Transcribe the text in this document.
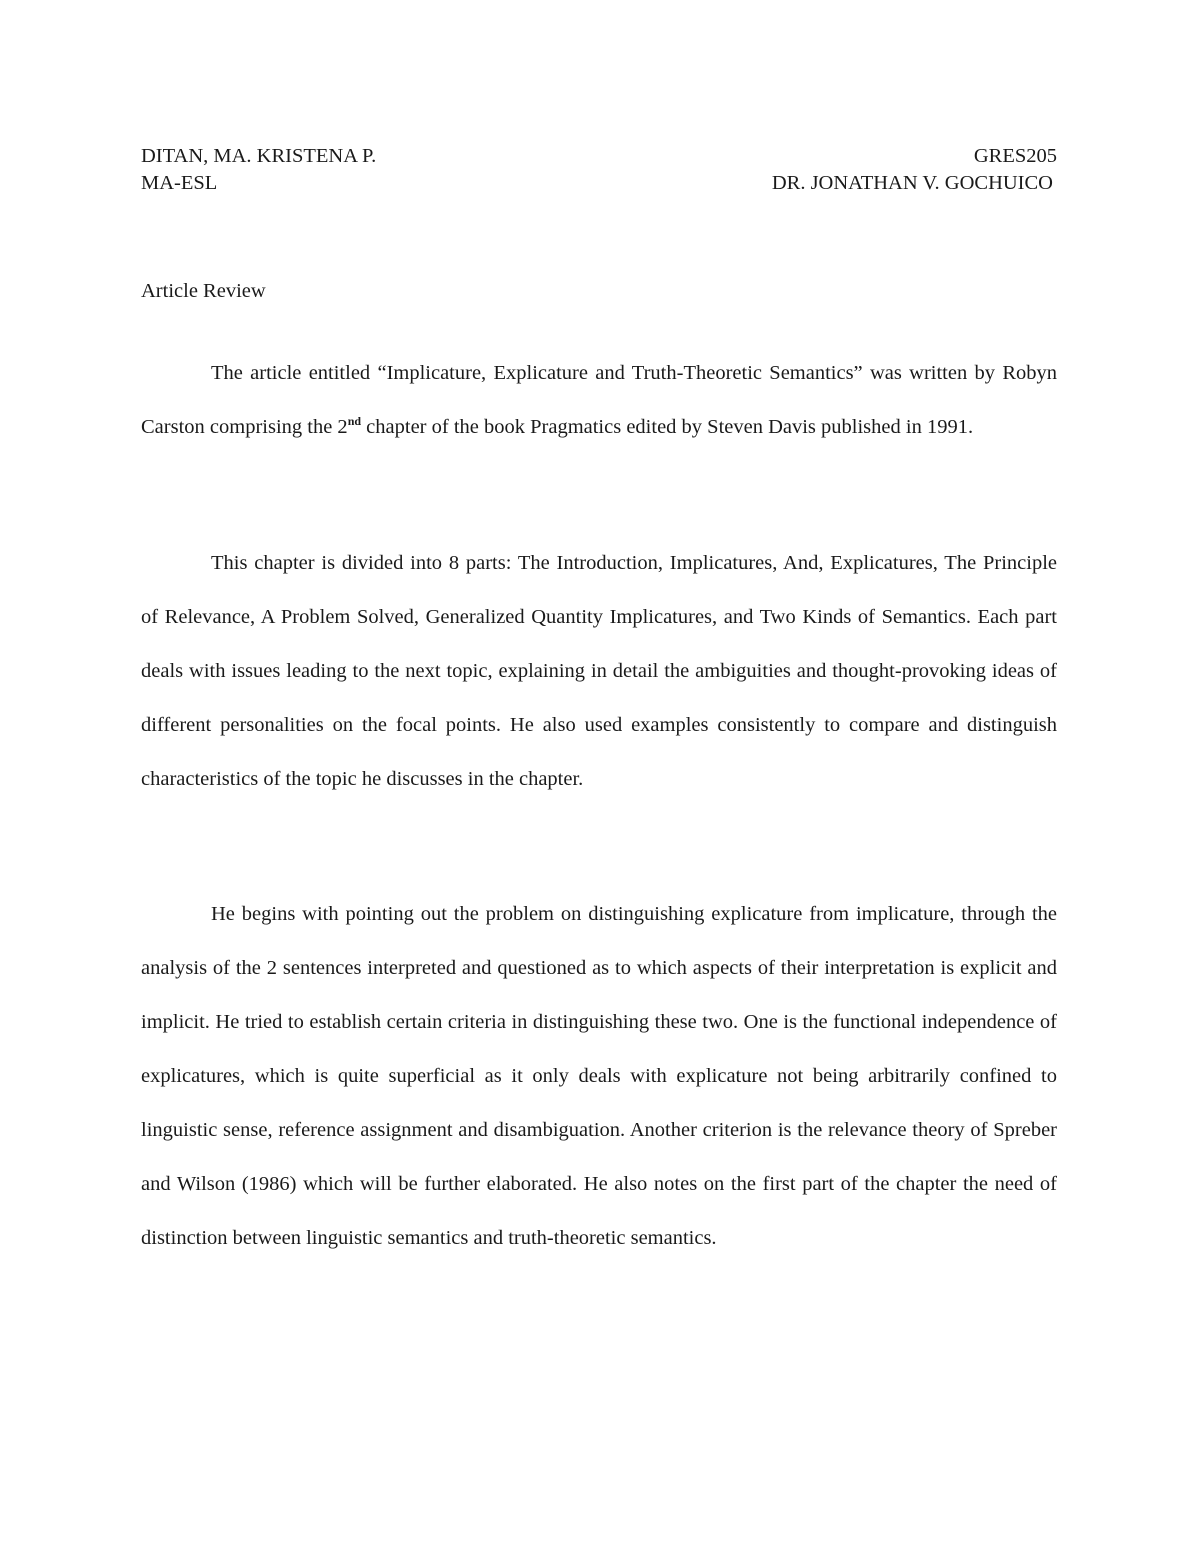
DITAN, MA. KRISTENA P.	GRES205
MA-ESL	DR. JONATHAN V. GOCHUICO
Article Review

The article entitled “Implicature, Explicature and Truth-Theoretic Semantics” was written by Robyn Carston comprising the 2nd chapter of the book Pragmatics edited by Steven Davis published in 1991.

This chapter is divided into 8 parts: The Introduction, Implicatures, And, Explicatures, The Principle of Relevance, A Problem Solved, Generalized Quantity Implicatures, and Two Kinds of Semantics. Each part deals with issues leading to the next topic, explaining in detail the ambiguities and thought-provoking ideas of different personalities on the focal points. He also used examples consistently to compare and distinguish characteristics of the topic he discusses in the chapter.

He begins with pointing out the problem on distinguishing explicature from implicature, through the analysis of the 2 sentences interpreted and questioned as to which aspects of their interpretation is explicit and implicit. He tried to establish certain criteria in distinguishing these two. One is the functional independence of explicatures, which is quite superficial as it only deals with explicature not being arbitrarily confined to linguistic sense, reference assignment and disambiguation. Another criterion is the relevance theory of Spreber and Wilson (1986) which will be further elaborated. He also notes on the first part of the chapter the need of distinction between linguistic semantics and truth-theoretic semantics.
